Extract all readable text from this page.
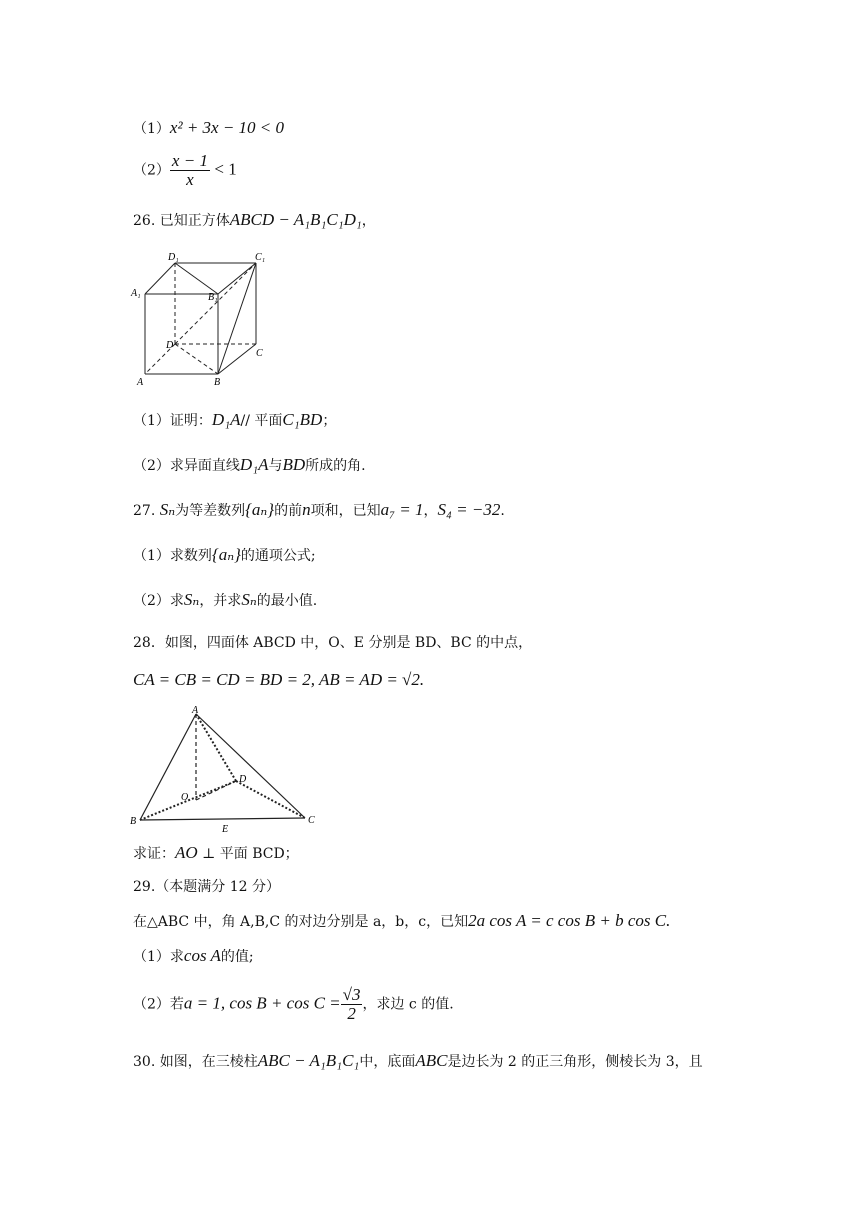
（1）x² + 3x − 10 < 0
$(2) \frac{x - 1}{x} < 1$
26. 已知正方体ABCD − A₁B₁C₁D₁，
D₁	C₁
A₁	B₁
D
C
A	B
（1）证明：D₁A// 平面C₁BD；
（2）求异面直线D₁A与BD所成的角.
27. Sₙ为等差数列{aₙ}的前n项和，已知a₇ = 1，S₄ = −32.
（1）求数列{aₙ}的通项公式;
（2）求Sₙ，并求Sₙ的最小值.
28．如图，四面体 ABCD 中，O、E 分别是 BD、BC 的中点，
CA = CB = CD = BD = 2, AB = AD = √2.
A
D
O
B
E
C
求证：AO ⊥ 平面 BCD；
29.（本题满分 12 分）
在△ABC 中，角 A,B,C 的对边分别是 a，b，c，已知2a cos A = c cos B + b cos C.
（1）求cos A的值;
（2）若a = 1, $\cos B + \cos C = \frac{√3}{2}$ ，求边 c 的值.
30. 如图，在三棱柱ABC − A₁B₁C₁中，底面ABC是边长为 2 的正三角形，侧棱长为 3，且
